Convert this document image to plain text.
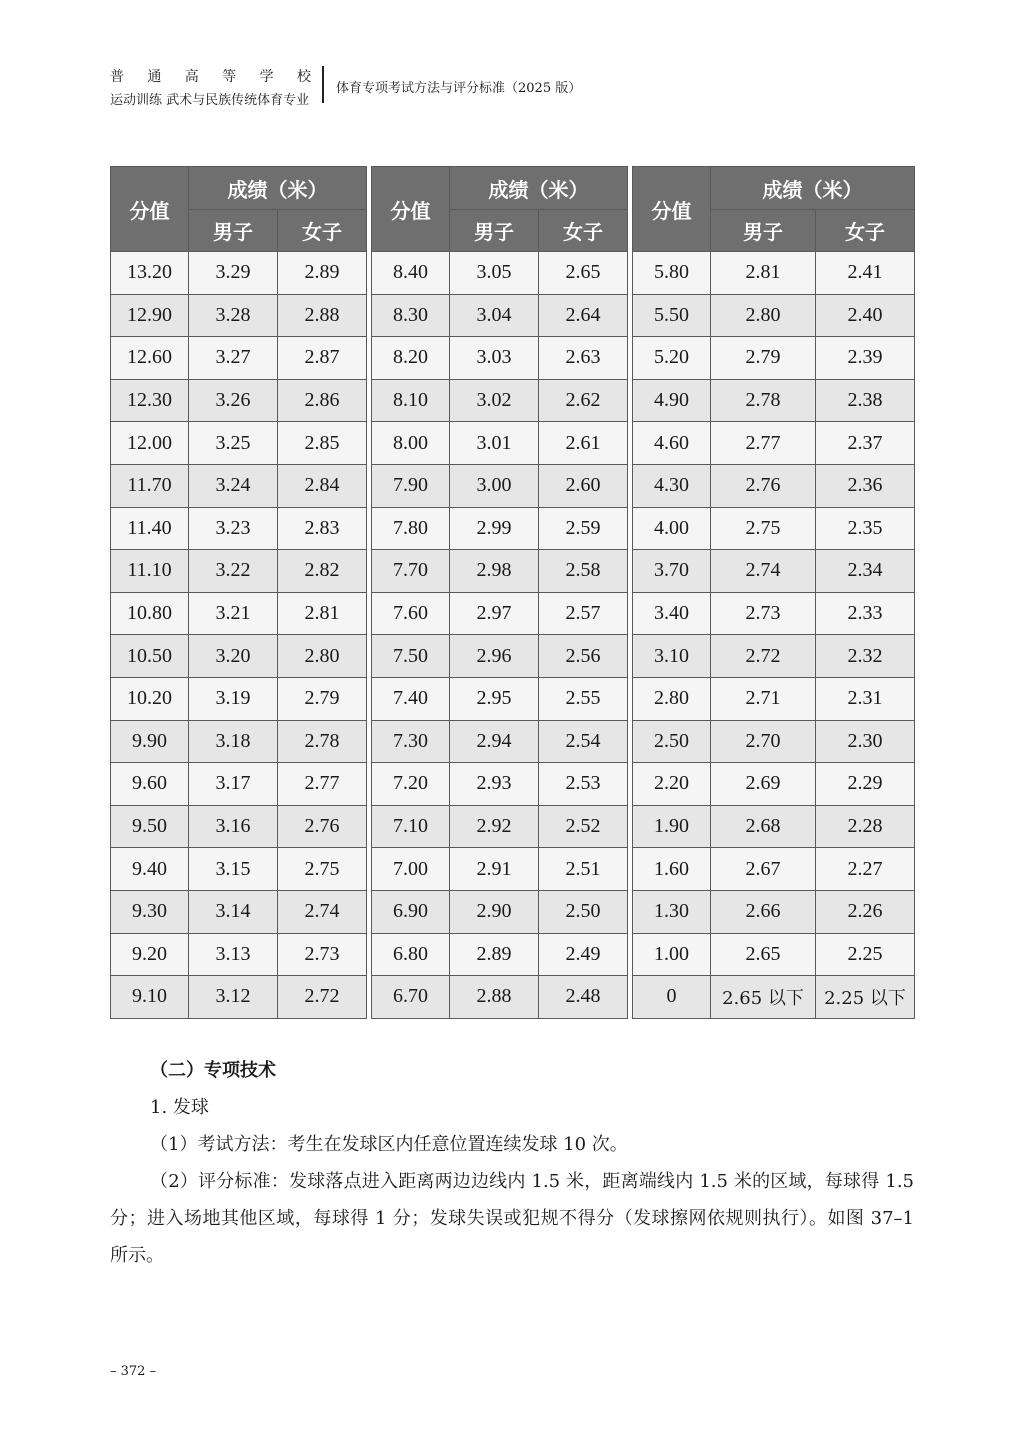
普 通 高 等 学 校
运动训练 武术与民族传统体育专业
体育专项考试方法与评分标准（2025 版）
分值	成绩（米）	
	男子	女子
13.20	3.29	2.89
12.90	3.28	2.88
12.60	3.27	2.87
12.30	3.26	2.86
12.00	3.25	2.85
11.70	3.24	2.84
11.40	3.23	2.83
11.10	3.22	2.82
10.80	3.21	2.81
10.50	3.20	2.80
10.20	3.19	2.79
9.90	3.18	2.78
9.60	3.17	2.77
9.50	3.16	2.76
9.40	3.15	2.75
9.30	3.14	2.74
9.20	3.13	2.73
9.10	3.12	2.72
分值	成绩（米）	
	男子	女子
8.40	3.05	2.65
8.30	3.04	2.64
8.20	3.03	2.63
8.10	3.02	2.62
8.00	3.01	2.61
7.90	3.00	2.60
7.80	2.99	2.59
7.70	2.98	2.58
7.60	2.97	2.57
7.50	2.96	2.56
7.40	2.95	2.55
7.30	2.94	2.54
7.20	2.93	2.53
7.10	2.92	2.52
7.00	2.91	2.51
6.90	2.90	2.50
6.80	2.89	2.49
6.70	2.88	2.48
分值	成绩（米）	
	男子	女子
5.80	2.81	2.41
5.50	2.80	2.40
5.20	2.79	2.39
4.90	2.78	2.38
4.60	2.77	2.37
4.30	2.76	2.36
4.00	2.75	2.35
3.70	2.74	2.34
3.40	2.73	2.33
3.10	2.72	2.32
2.80	2.71	2.31
2.50	2.70	2.30
2.20	2.69	2.29
1.90	2.68	2.28
1.60	2.67	2.27
1.30	2.66	2.26
1.00	2.65	2.25
0	2.65 以下	2.25 以下

（二）专项技术

1. 发球

（1）考试方法：考生在发球区内任意位置连续发球 10 次。

（2）评分标准：发球落点进入距离两边边线内 1.5 米，距离端线内 1.5 米的区域，每球得 1.5 分；进入场地其他区域，每球得 1 分；发球失误或犯规不得分（发球擦网依规则执行）。如图 37–1 所示。

– 372 –
